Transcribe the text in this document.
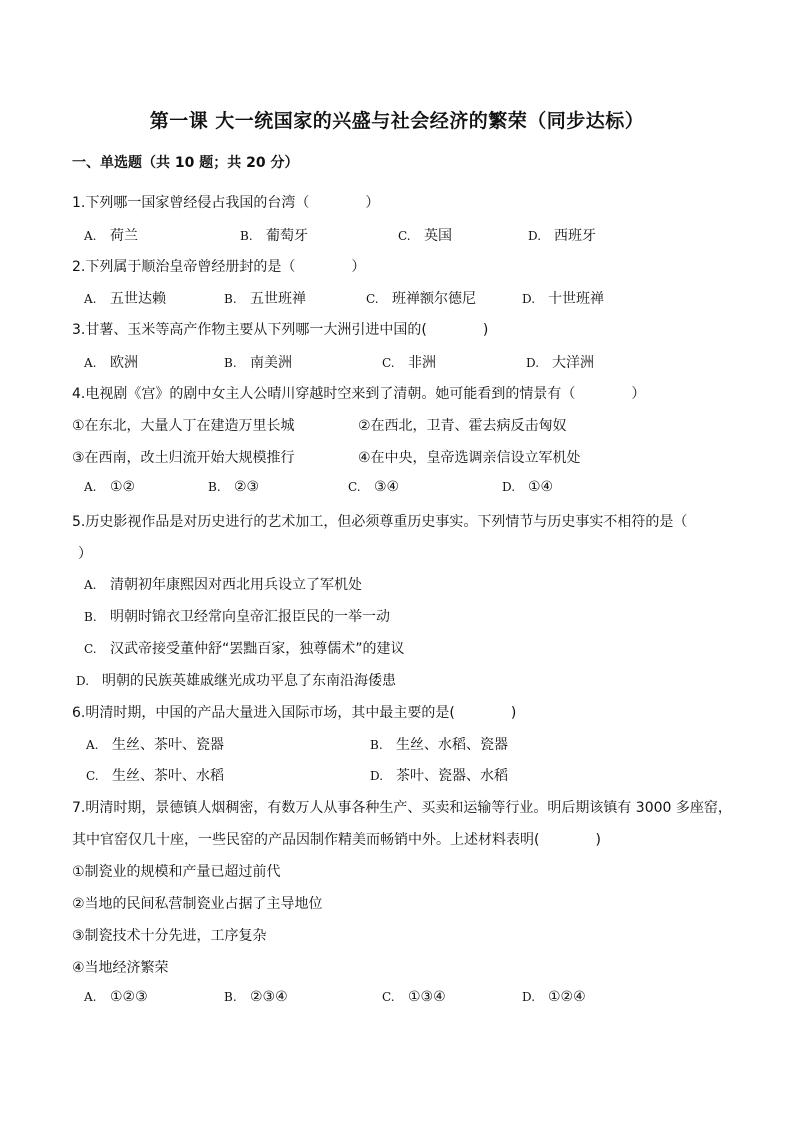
第一课 大一统国家的兴盛与社会经济的繁荣（同步达标）
一、单选题（共 10 题；共 20 分）
1.下列哪一国家曾经侵占我国的台湾（　　　　）
A. 荷兰	B. 葡萄牙	C. 英国	D. 西班牙
2.下列属于顺治皇帝曾经册封的是（　　　　）
A. 五世达赖	B. 五世班禅	C. 班禅额尔德尼	D. 十世班禅
3.甘薯、玉米等高产作物主要从下列哪一大洲引进中国的(　　　　)
A. 欧洲	B. 南美洲	C. 非洲	D. 大洋洲
4.电视剧《宫》的剧中女主人公晴川穿越时空来到了清朝。她可能看到的情景有（　　　　）
①在东北，大量人丁在建造万里长城	②在西北，卫青、霍去病反击匈奴
③在西南，改土归流开始大规模推行	④在中央，皇帝选调亲信设立军机处
A. ①②	B. ②③	C. ③④	D. ①④
5.历史影视作品是对历史进行的艺术加工，但必须尊重历史事实。下列情节与历史事实不相符的是（
）
A. 清朝初年康熙因对西北用兵设立了军机处
B. 明朝时锦衣卫经常向皇帝汇报臣民的一举一动
C. 汉武帝接受董仲舒“罢黜百家，独尊儒术”的建议
D. 明朝的民族英雄戚继光成功平息了东南沿海倭患
6.明清时期，中国的产品大量进入国际市场，其中最主要的是(　　　　)
A. 生丝、茶叶、瓷器	B. 生丝、水稻、瓷器
C. 生丝、茶叶、水稻	D. 茶叶、瓷器、水稻
7.明清时期，景德镇人烟稠密，有数万人从事各种生产、买卖和运输等行业。明后期该镇有 3000 多座窑，
其中官窑仅几十座，一些民窑的产品因制作精美而畅销中外。上述材料表明(　　　　)
①制瓷业的规模和产量已超过前代
②当地的民间私营制瓷业占据了主导地位
③制瓷技术十分先进，工序复杂
④当地经济繁荣
A. ①②③	B. ②③④	C. ①③④	D. ①②④
